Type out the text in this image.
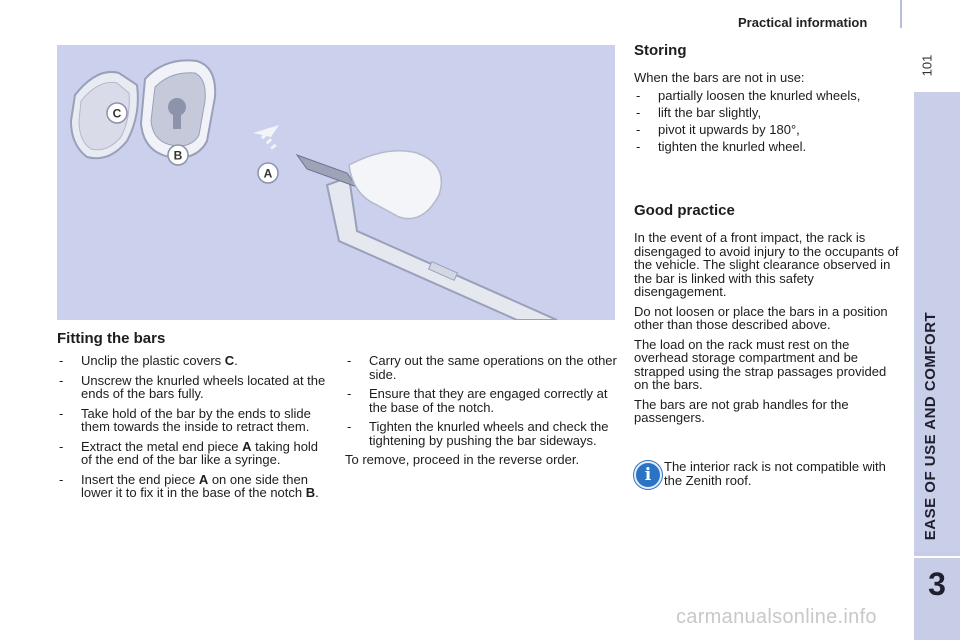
Practical information
101
EASE OF USE AND COMFORT
3
C
B
A
Fitting the bars
- Unclip the plastic covers C.
- Unscrew the knurled wheels located at the ends of the bars fully.
- Take hold of the bar by the ends to slide them towards the inside to retract them.
- Extract the metal end piece A taking hold of the end of the bar like a syringe.
- Insert the end piece A on one side then lower it to fix it in the base of the notch B.
- Carry out the same operations on the other side.
- Ensure that they are engaged correctly at the base of the notch.
- Tighten the knurled wheels and check the tightening by pushing the bar sideways.

To remove, proceed in the reverse order.

Storing

When the bars are not in use:

- partially loosen the knurled wheels,
- lift the bar slightly,
- pivot it upwards by 180°,
- tighten the knurled wheel.
Good practice

In the event of a front impact, the rack is disengaged to avoid injury to the occupants of the vehicle. The slight clearance observed in the bar is linked with this safety disengagement.

Do not loosen or place the bars in a position other than those described above.

The load on the rack must rest on the overhead storage compartment and be strapped using the strap passages provided on the bars.

The bars are not grab handles for the passengers.

i The interior rack is not compatible with the Zenith roof.
carmanualsonline.info
